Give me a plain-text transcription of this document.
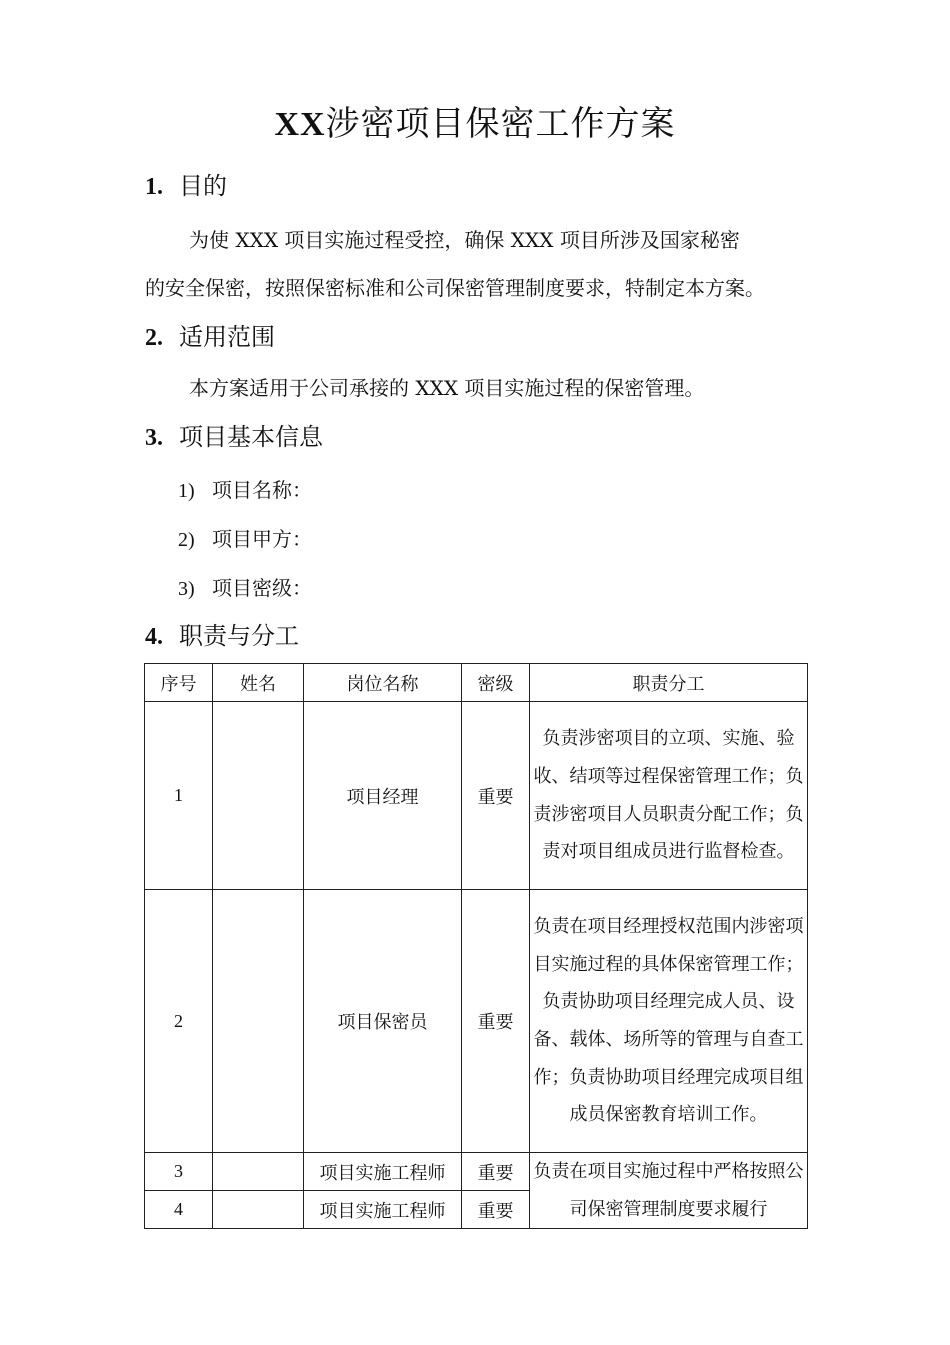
XX涉密项目保密工作方案
1. 目的
为使 XXX 项目实施过程受控，确保 XXX 项目所涉及国家秘密
的安全保密，按照保密标准和公司保密管理制度要求，特制定本方案。
2. 适用范围
本方案适用于公司承接的 XXX 项目实施过程的保密管理。
3. 项目基本信息
1) 项目名称：
2) 项目甲方：
3) 项目密级：
4. 职责与分工
序号	姓名	岗位名称	密级	职责分工
1		项目经理	重要	负责涉密项目的立项、实施、验收、结项等过程保密管理工作；负责涉密项目人员职责分配工作；负责对项目组成员进行监督检查。
2		项目保密员	重要	负责在项目经理授权范围内涉密项目实施过程的具体保密管理工作；负责协助项目经理完成人员、设备、载体、场所等的管理与自查工作；负责协助项目经理完成项目组成员保密教育培训工作。
3		项目实施工程师	重要	负责在项目实施过程中严格按照公司保密管理制度要求履行
4		项目实施工程师	重要	
